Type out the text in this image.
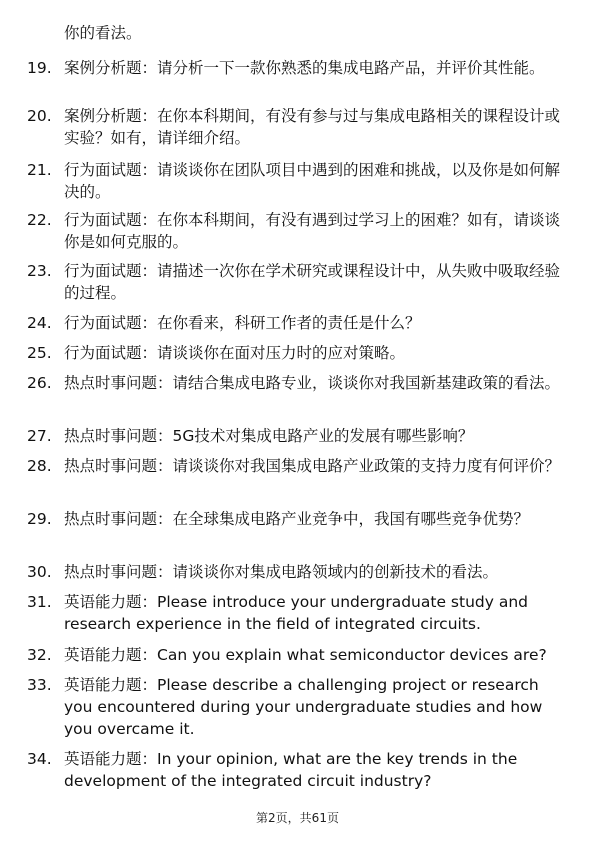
你的看法。
19. 案例分析题：请分析一下一款你熟悉的集成电路产品，并评价其性能。
20. 案例分析题：在你本科期间，有没有参与过与集成电路相关的课程设计或实验？如有，请详细介绍。
21. 行为面试题：请谈谈你在团队项目中遇到的困难和挑战，以及你是如何解决的。
22. 行为面试题：在你本科期间，有没有遇到过学习上的困难？如有，请谈谈你是如何克服的。
23. 行为面试题：请描述一次你在学术研究或课程设计中，从失败中吸取经验的过程。
24. 行为面试题：在你看来，科研工作者的责任是什么？
25. 行为面试题：请谈谈你在面对压力时的应对策略。
26. 热点时事问题：请结合集成电路专业，谈谈你对我国新基建政策的看法。
27. 热点时事问题：5G技术对集成电路产业的发展有哪些影响？
28. 热点时事问题：请谈谈你对我国集成电路产业政策的支持力度有何评价？
29. 热点时事问题：在全球集成电路产业竞争中，我国有哪些竞争优势？
30. 热点时事问题：请谈谈你对集成电路领域内的创新技术的看法。
31. 英语能力题：Please introduce your undergraduate study and research experience in the field of integrated circuits.
32. 英语能力题：Can you explain what semiconductor devices are?
33. 英语能力题：Please describe a challenging project or research you encountered during your undergraduate studies and how you overcame it.
34. 英语能力题：In your opinion, what are the key trends in the development of the integrated circuit industry?
第2页，共61页
